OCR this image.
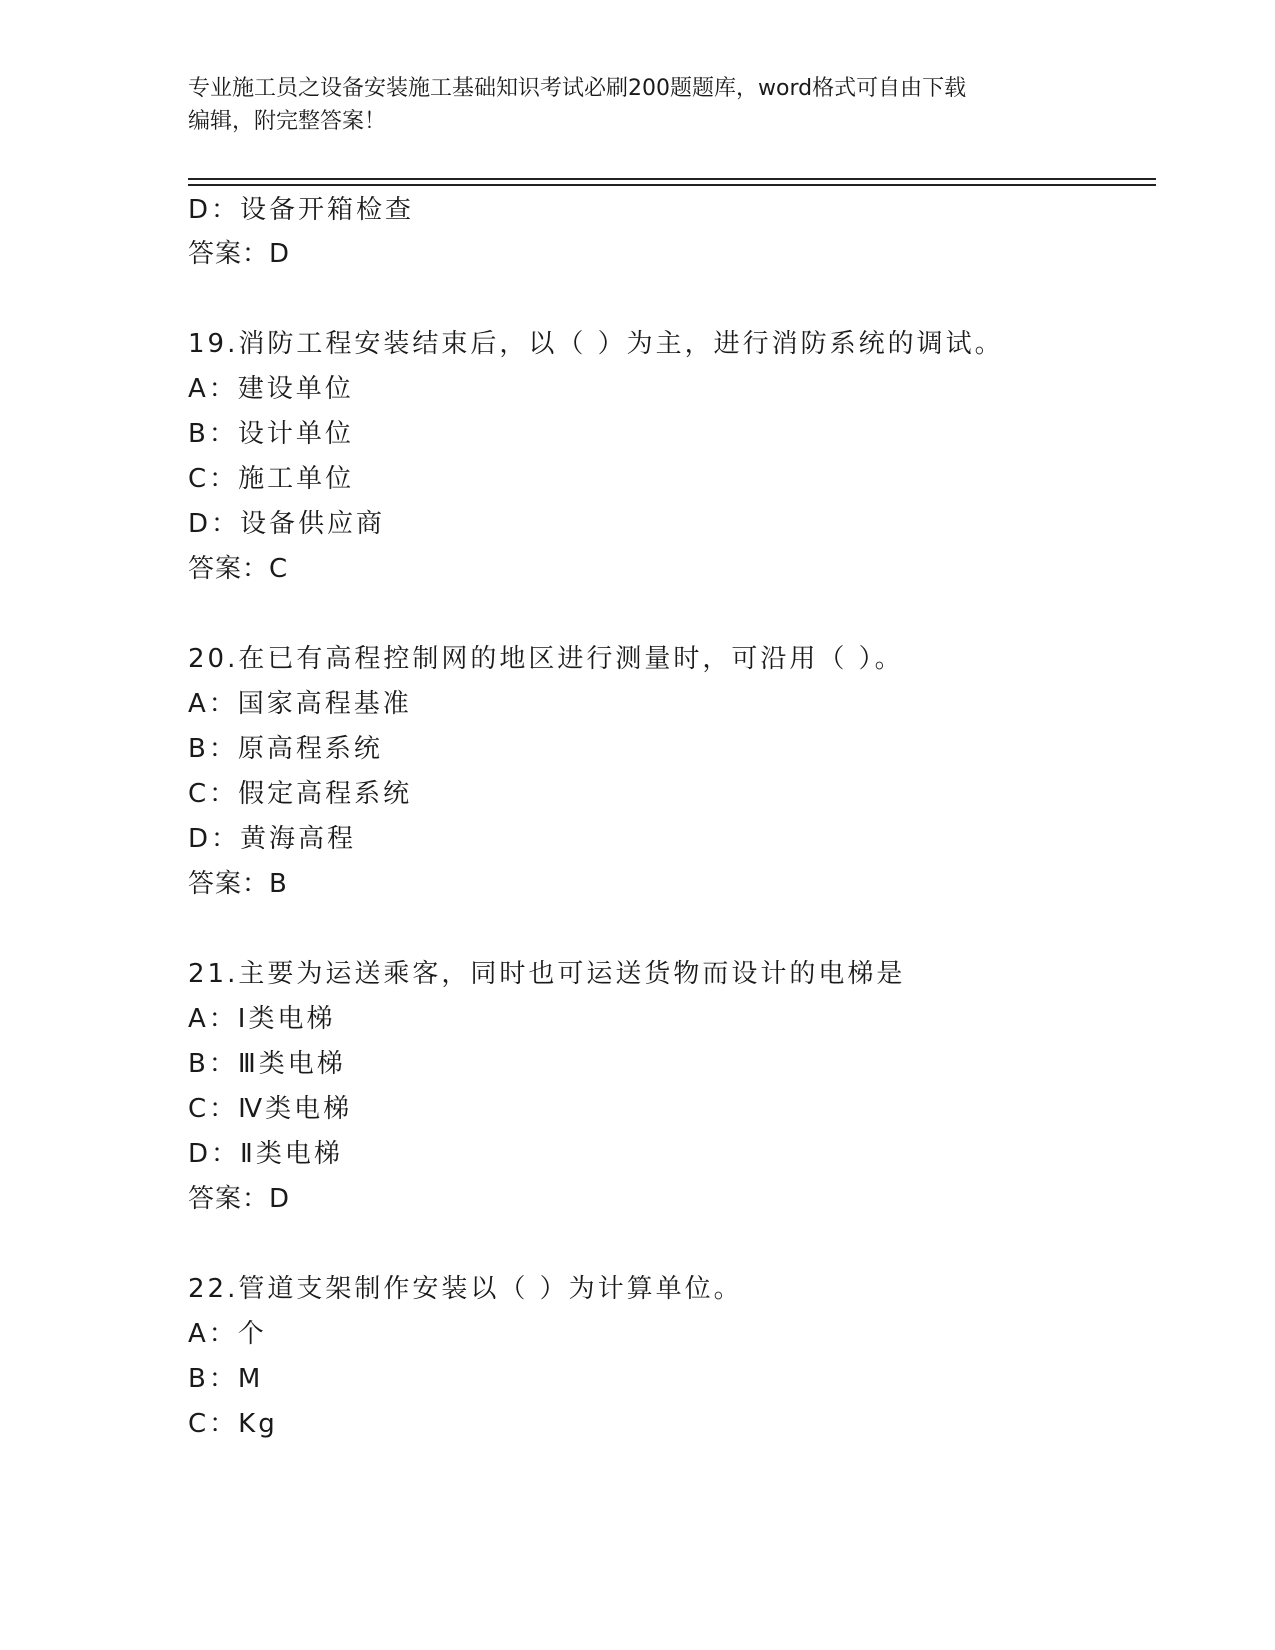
专业施工员之设备安装施工基础知识考试必刷200题题库，word格式可自由下载
编辑，附完整答案！
D：设备开箱检查
答案：D
19.消防工程安装结束后，以（ ）为主，进行消防系统的调试。
A：建设单位
B：设计单位
C：施工单位
D：设备供应商
答案：C
20.在已有高程控制网的地区进行测量时，可沿用（ ）。
A：国家高程基准
B：原高程系统
C：假定高程系统
D：黄海高程
答案：B
21.主要为运送乘客，同时也可运送货物而设计的电梯是
A：Ⅰ类电梯
B：Ⅲ类电梯
C：Ⅳ类电梯
D：Ⅱ类电梯
答案：D
22.管道支架制作安装以（ ）为计算单位。
A：个
B：M
C：Kg
